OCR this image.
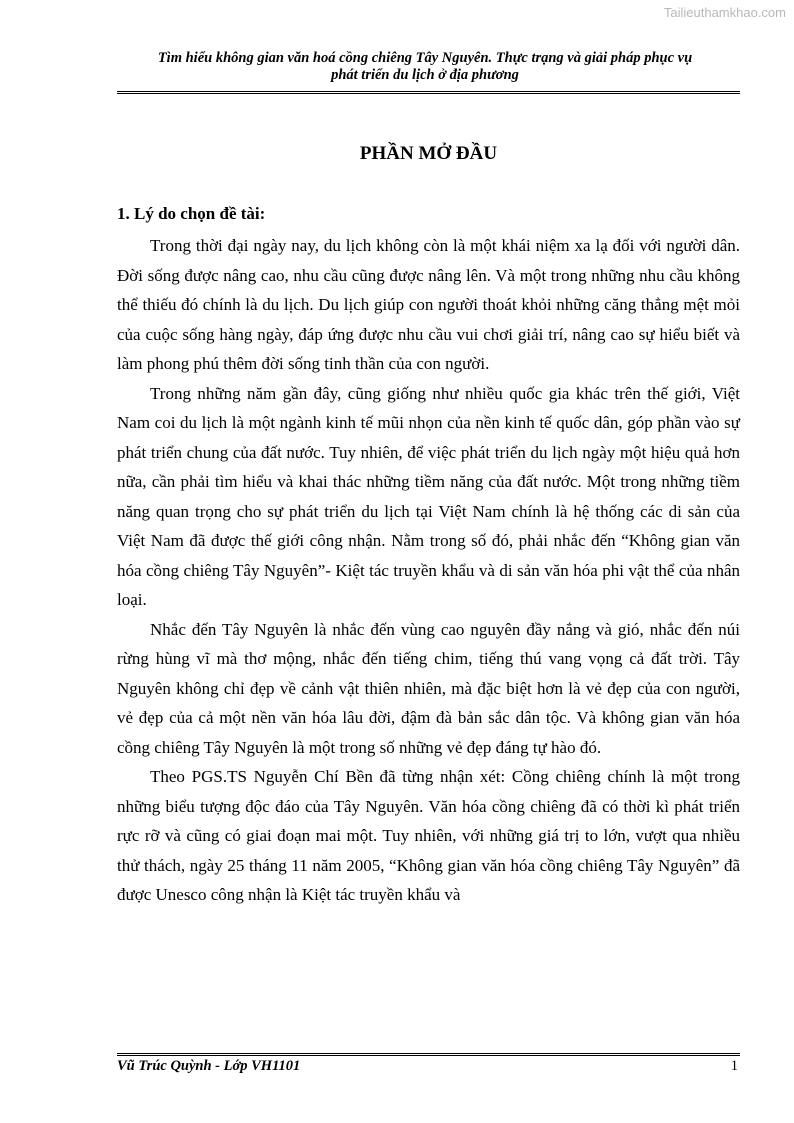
Tailieuthamkhao.com
Tìm hiểu không gian văn hoá cồng chiêng Tây Nguyên. Thực trạng và giải pháp phục vụ
phát triển du lịch ở địa phương
PHẦN MỞ ĐẦU
1. Lý do chọn đề tài:

Trong thời đại ngày nay, du lịch không còn là một khái niệm xa lạ đối với người dân. Đời sống được nâng cao, nhu cầu cũng được nâng lên. Và một trong những nhu cầu không thể thiếu đó chính là du lịch. Du lịch giúp con người thoát khỏi những căng thẳng mệt mỏi của cuộc sống hàng ngày, đáp ứng được nhu cầu vui chơi giải trí, nâng cao sự hiểu biết và làm phong phú thêm đời sống tinh thần của con người.

Trong những năm gần đây, cũng giống như nhiều quốc gia khác trên thế giới, Việt Nam coi du lịch là một ngành kinh tế mũi nhọn của nền kinh tế quốc dân, góp phần vào sự phát triển chung của đất nước. Tuy nhiên, để việc phát triển du lịch ngày một hiệu quả hơn nữa, cần phải tìm hiểu và khai thác những tiềm năng của đất nước. Một trong những tiềm năng quan trọng cho sự phát triển du lịch tại Việt Nam chính là hệ thống các di sản của Việt Nam đã được thế giới công nhận. Nằm trong số đó, phải nhắc đến “Không gian văn hóa cồng chiêng Tây Nguyên”- Kiệt tác truyền khẩu và di sản văn hóa phi vật thể của nhân loại.

Nhắc đến Tây Nguyên là nhắc đến vùng cao nguyên đầy nắng và gió, nhắc đến núi rừng hùng vĩ mà thơ mộng, nhắc đến tiếng chim, tiếng thú vang vọng cả đất trời. Tây Nguyên không chỉ đẹp về cảnh vật thiên nhiên, mà đặc biệt hơn là vẻ đẹp của con người, vẻ đẹp của cả một nền văn hóa lâu đời, đậm đà bản sắc dân tộc. Và không gian văn hóa cồng chiêng Tây Nguyên là một trong số những vẻ đẹp đáng tự hào đó.

Theo PGS.TS Nguyễn Chí Bền đã từng nhận xét: Cồng chiêng chính là một trong những biểu tượng độc đáo của Tây Nguyên. Văn hóa cồng chiêng đã có thời kì phát triển rực rỡ và cũng có giai đoạn mai một. Tuy nhiên, với những giá trị to lớn, vượt qua nhiều thử thách, ngày 25 tháng 11 năm 2005, “Không gian văn hóa cồng chiêng Tây Nguyên” đã được Unesco công nhận là Kiệt tác truyền khẩu và

Vũ Trúc Quỳnh - Lớp VH1101	1
